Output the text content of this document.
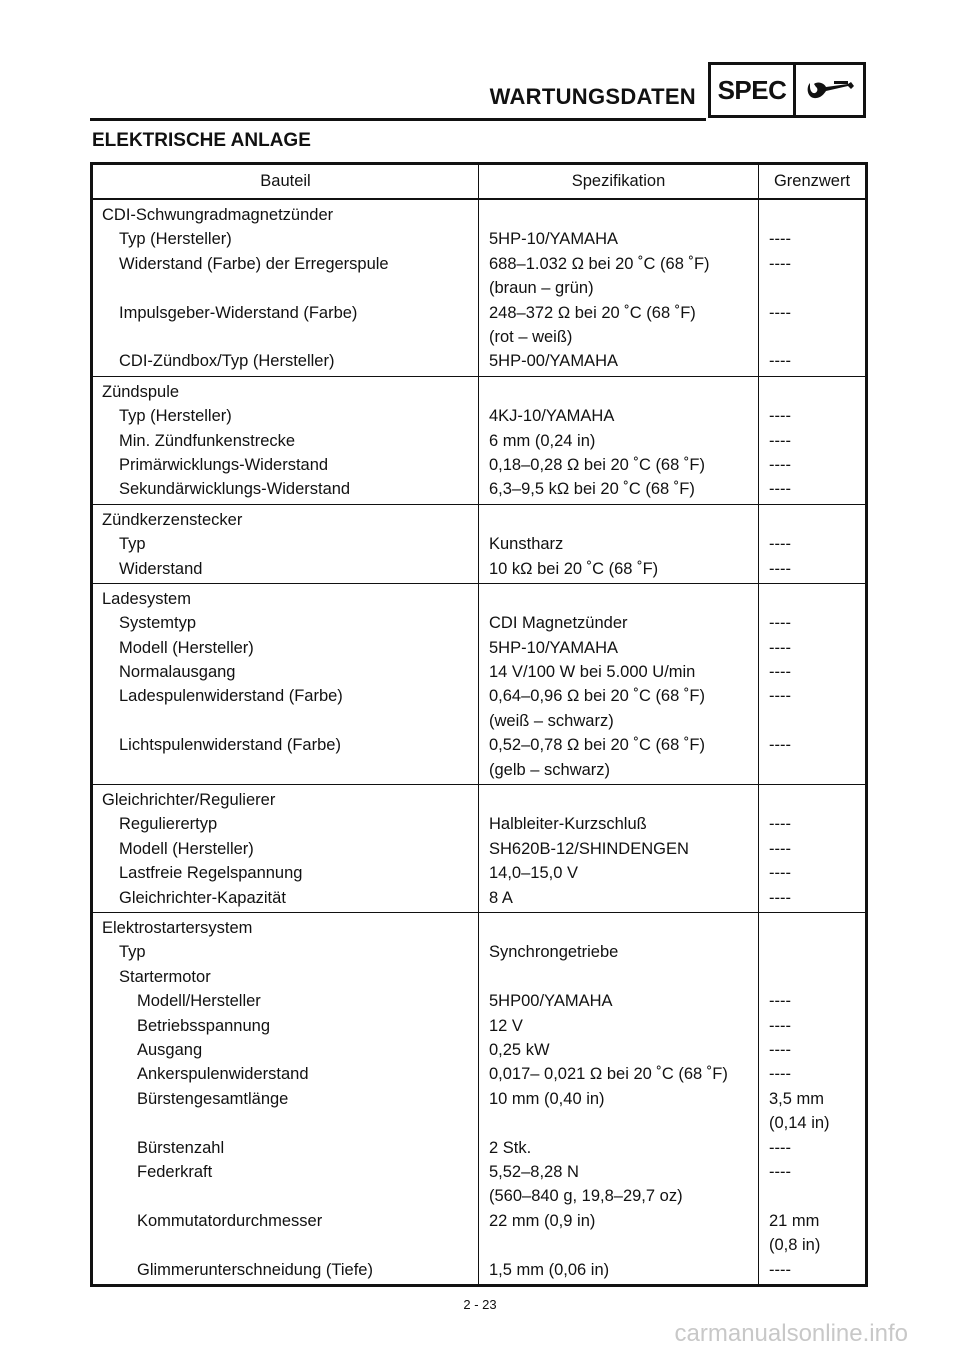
WARTUNGSDATEN SPEC
ELEKTRISCHE ANLAGE
Bauteil	Spezifikation	Grenzwert
CDI-Schwungradmagnetzünder
Typ (Hersteller)
Widerstand (Farbe) der Erregerspule
Impulsgeber-Widerstand (Farbe)
CDI-Zündbox/Typ (Hersteller)
5HP-10/YAMAHA
688–1.032 Ω bei 20 ˚C (68 ˚F)
(braun – grün)
248–372 Ω bei 20 ˚C (68 ˚F)
(rot – weiß)
5HP-00/YAMAHA
----
----
----
----
Zündspule
Typ (Hersteller)
Min. Zündfunkenstrecke
Primärwicklungs-Widerstand
Sekundärwicklungs-Widerstand
4KJ-10/YAMAHA
6 mm (0,24 in)
0,18–0,28 Ω bei 20 ˚C (68 ˚F)
6,3–9,5 kΩ bei 20 ˚C (68 ˚F)
----
----
----
----
Zündkerzenstecker
Typ
Widerstand
Kunstharz
10 kΩ bei 20 ˚C (68 ˚F)
----
----
Ladesystem
Systemtyp
Modell (Hersteller)
Normalausgang
Ladespulenwiderstand (Farbe)
Lichtspulenwiderstand (Farbe)
CDI Magnetzünder
5HP-10/YAMAHA
14 V/100 W bei 5.000 U/min
0,64–0,96 Ω bei 20 ˚C (68 ˚F)
(weiß – schwarz)
0,52–0,78 Ω bei 20 ˚C (68 ˚F)
(gelb – schwarz)
----
----
----
----
----
Gleichrichter/Regulierer
Regulierertyp
Modell (Hersteller)
Lastfreie Regelspannung
Gleichrichter-Kapazität
Halbleiter-Kurzschluß
SH620B-12/SHINDENGEN
14,0–15,0 V
8 A
----
----
----
----
Elektrostartersystem
Typ
Startermotor
Modell/Hersteller
Betriebsspannung
Ausgang
Ankerspulenwiderstand
Bürstengesamtlänge
Bürstenzahl
Federkraft
Kommutatordurchmesser
Glimmerunterschneidung (Tiefe)
Synchrongetriebe
5HP00/YAMAHA
12 V
0,25 kW
0,017– 0,021 Ω bei 20 ˚C (68 ˚F)
10 mm (0,40 in)
2 Stk.
5,52–8,28 N
(560–840 g, 19,8–29,7 oz)
22 mm (0,9 in)
1,5 mm (0,06 in)
----
----
----
----
3,5 mm
(0,14 in)
----
----
21 mm
(0,8 in)
----
2 - 23
carmanualsonline.info
